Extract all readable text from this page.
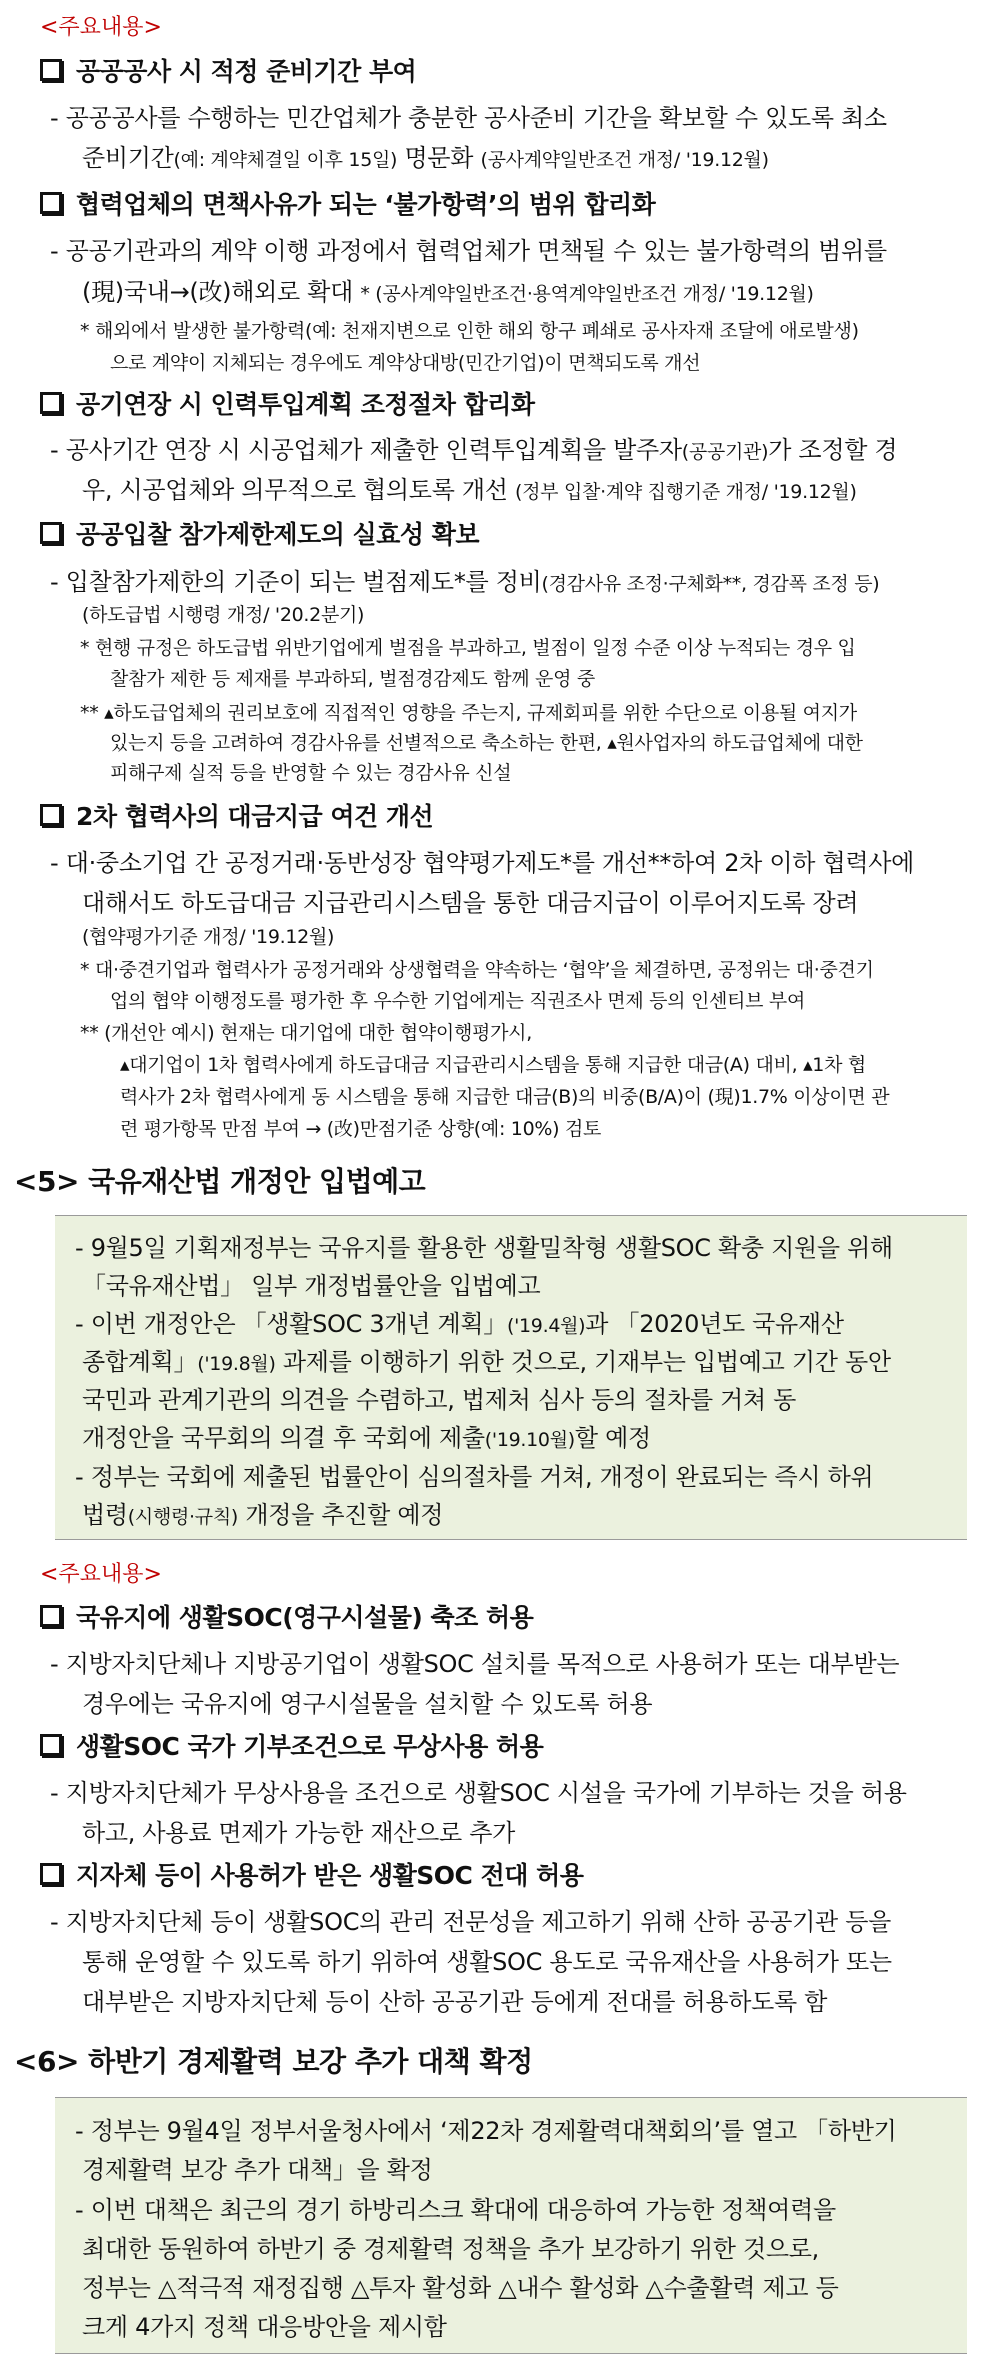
<주요내용>
공공공사 시 적정 준비기간 부여
- 공공공사를 수행하는 민간업체가 충분한 공사준비 기간을 확보할 수 있도록 최소
준비기간(예: 계약체결일 이후 15일) 명문화 (공사계약일반조건 개정/ '19.12월)
협력업체의 면책사유가 되는 ‘불가항력’의 범위 합리화
- 공공기관과의 계약 이행 과정에서 협력업체가 면책될 수 있는 불가항력의 범위를
(現)국내→(改)해외로 확대 * (공사계약일반조건·용역계약일반조건 개정/ '19.12월)
* 해외에서 발생한 불가항력(예: 천재지변으로 인한 해외 항구 폐쇄로 공사자재 조달에 애로발생)
으로 계약이 지체되는 경우에도 계약상대방(민간기업)이 면책되도록 개선
공기연장 시 인력투입계획 조정절차 합리화
- 공사기간 연장 시 시공업체가 제출한 인력투입계획을 발주자(공공기관)가 조정할 경
우, 시공업체와 의무적으로 협의토록 개선 (정부 입찰·계약 집행기준 개정/ '19.12월)
공공입찰 참가제한제도의 실효성 확보
- 입찰참가제한의 기준이 되는 벌점제도*를 정비(경감사유 조정·구체화**, 경감폭 조정 등)
(하도급법 시행령 개정/ '20.2분기)
* 현행 규정은 하도급법 위반기업에게 벌점을 부과하고, 벌점이 일정 수준 이상 누적되는 경우 입
찰참가 제한 등 제재를 부과하되, 벌점경감제도 함께 운영 중
** ▴하도급업체의 권리보호에 직접적인 영향을 주는지, 규제회피를 위한 수단으로 이용될 여지가
있는지 등을 고려하여 경감사유를 선별적으로 축소하는 한편, ▴원사업자의 하도급업체에 대한
피해구제 실적 등을 반영할 수 있는 경감사유 신설
2차 협력사의 대금지급 여건 개선
- 대·중소기업 간 공정거래·동반성장 협약평가제도*를 개선**하여 2차 이하 협력사에
대해서도 하도급대금 지급관리시스템을 통한 대금지급이 이루어지도록 장려
(협약평가기준 개정/ '19.12월)
* 대·중견기업과 협력사가 공정거래와 상생협력을 약속하는 ‘협약’을 체결하면, 공정위는 대·중견기
업의 협약 이행정도를 평가한 후 우수한 기업에게는 직권조사 면제 등의 인센티브 부여
** (개선안 예시) 현재는 대기업에 대한 협약이행평가시,
▴대기업이 1차 협력사에게 하도급대금 지급관리시스템을 통해 지급한 대금(A) 대비, ▴1차 협
력사가 2차 협력사에게 동 시스템을 통해 지급한 대금(B)의 비중(B/A)이 (現)1.7% 이상이면 관
련 평가항목 만점 부여 → (改)만점기준 상향(예: 10%) 검토
<5> 국유재산법 개정안 입법예고
- 9월5일 기획재정부는 국유지를 활용한 생활밀착형 생활SOC 확충 지원을 위해
「국유재산법」 일부 개정법률안을 입법예고
- 이번 개정안은 「생활SOC 3개년 계획」('19.4월)과 「2020년도 국유재산
종합계획」('19.8월) 과제를 이행하기 위한 것으로, 기재부는 입법예고 기간 동안
국민과 관계기관의 의견을 수렴하고, 법제처 심사 등의 절차를 거쳐 동
개정안을 국무회의 의결 후 국회에 제출('19.10월)할 예정
- 정부는 국회에 제출된 법률안이 심의절차를 거쳐, 개정이 완료되는 즉시 하위
법령(시행령·규칙) 개정을 추진할 예정
<주요내용>
국유지에 생활SOC(영구시설물) 축조 허용
- 지방자치단체나 지방공기업이 생활SOC 설치를 목적으로 사용허가 또는 대부받는
경우에는 국유지에 영구시설물을 설치할 수 있도록 허용
생활SOC 국가 기부조건으로 무상사용 허용
- 지방자치단체가 무상사용을 조건으로 생활SOC 시설을 국가에 기부하는 것을 허용
하고, 사용료 면제가 가능한 재산으로 추가
지자체 등이 사용허가 받은 생활SOC 전대 허용
- 지방자치단체 등이 생활SOC의 관리 전문성을 제고하기 위해 산하 공공기관 등을
통해 운영할 수 있도록 하기 위하여 생활SOC 용도로 국유재산을 사용허가 또는
대부받은 지방자치단체 등이 산하 공공기관 등에게 전대를 허용하도록 함
<6> 하반기 경제활력 보강 추가 대책 확정
- 정부는 9월4일 정부서울청사에서 ‘제22차 경제활력대책회의’를 열고 「하반기
경제활력 보강 추가 대책」을 확정
- 이번 대책은 최근의 경기 하방리스크 확대에 대응하여 가능한 정책여력을
최대한 동원하여 하반기 중 경제활력 정책을 추가 보강하기 위한 것으로,
정부는 △적극적 재정집행 △투자 활성화 △내수 활성화 △수출활력 제고 등
크게 4가지 정책 대응방안을 제시함
